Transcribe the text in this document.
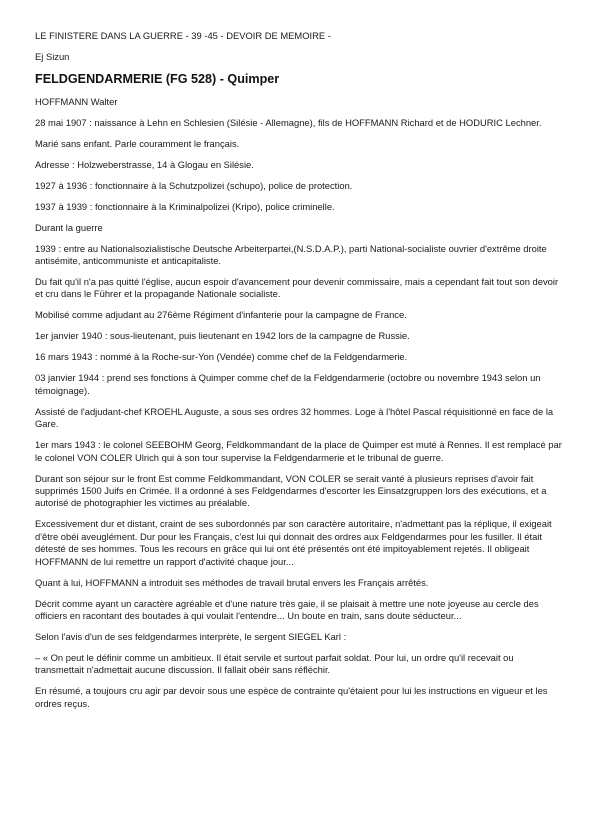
LE FINISTERE DANS LA GUERRE - 39 -45 - DEVOIR DE MEMOIRE -

Ej Sizun

FELDGENDARMERIE (FG 528) - Quimper

HOFFMANN Walter

28 mai 1907 : naissance à Lehn en Schlesien (Silésie - Allemagne), fils de HOFFMANN Richard et de HODURIC Lechner.

Marié sans enfant. Parle couramment le français.

Adresse : Holzweberstrasse, 14 à Glogau en Silésie.

1927 à 1936 : fonctionnaire à la Schutzpolizei (schupo), police de protection.

1937 à 1939 : fonctionnaire à la Kriminalpolizei (Kripo), police criminelle.

Durant la guerre

1939 : entre au Nationalsozialistische Deutsche Arbeiterpartei,(N.S.D.A.P.), parti National-socialiste ouvrier d'extrême droite antisémite, anticommuniste et anticapitaliste.

Du fait qu'il n'a pas quitté l'église, aucun espoir d'avancement pour devenir commissaire, mais a cependant fait tout son devoir et cru dans le Führer et la propagande Nationale socialiste.

Mobilisé comme adjudant au 276ème Régiment d'infanterie pour la campagne de France.

1er janvier 1940 : sous-lieutenant, puis lieutenant en 1942 lors de la campagne de Russie.

16 mars 1943 : nommé à la Roche-sur-Yon (Vendée) comme chef de la Feldgendarmerie.

03 janvier 1944 : prend ses fonctions à Quimper comme chef de la Feldgendarmerie (octobre ou novembre 1943 selon un témoignage).

Assisté de l'adjudant-chef KROEHL Auguste, a sous ses ordres 32 hommes. Loge à l'hôtel Pascal réquisitionné en face de la Gare.

1er mars 1943 : le colonel SEEBOHM Georg, Feldkommandant de la place de Quimper est muté à Rennes. Il est remplacé par le colonel VON COLER Ulrich qui à son tour supervise la Feldgendarmerie et le tribunal de guerre.

Durant son séjour sur le front Est comme Feldkommandant, VON COLER se serait vanté à plusieurs reprises d'avoir fait supprimés 1500 Juifs en Crimée. Il a ordonné à ses Feldgendarmes d'escorter les Einsatzgruppen lors des exécutions, et a autorisé de photographier les victimes au préalable.

Excessivement dur et distant, craint de ses subordonnés par son caractère autoritaire, n'admettant pas la réplique, il exigeait d'être obéi aveuglément. Dur pour les Français, c'est lui qui donnait des ordres aux Feldgendarmes pour les fusiller. Il était détesté de ses hommes. Tous les recours en grâce qui lui ont été présentés ont été impitoyablement rejetés. Il obligeait HOFFMANN de lui remettre un rapport d'activité chaque jour...

Quant à lui, HOFFMANN a introduit ses méthodes de travail brutal envers les Français arrêtés.

Décrit comme ayant un caractère agréable et d'une nature très gaie, il se plaisait à mettre une note joyeuse au cercle des officiers en racontant des boutades à qui voulait l'entendre... Un boute en train, sans doute séducteur...

Selon l'avis d'un de ses feldgendarmes interprète, le sergent SIEGEL Karl :

– « On peut le définir comme un ambitieux. Il était servile et surtout parfait soldat. Pour lui, un ordre qu'il recevait ou transmettait n'admettait aucune discussion. Il fallait obéir sans réfléchir.

En résumé, a toujours cru agir par devoir sous une espèce de contrainte qu'étaient pour lui les instructions en vigueur et les ordres reçus.
